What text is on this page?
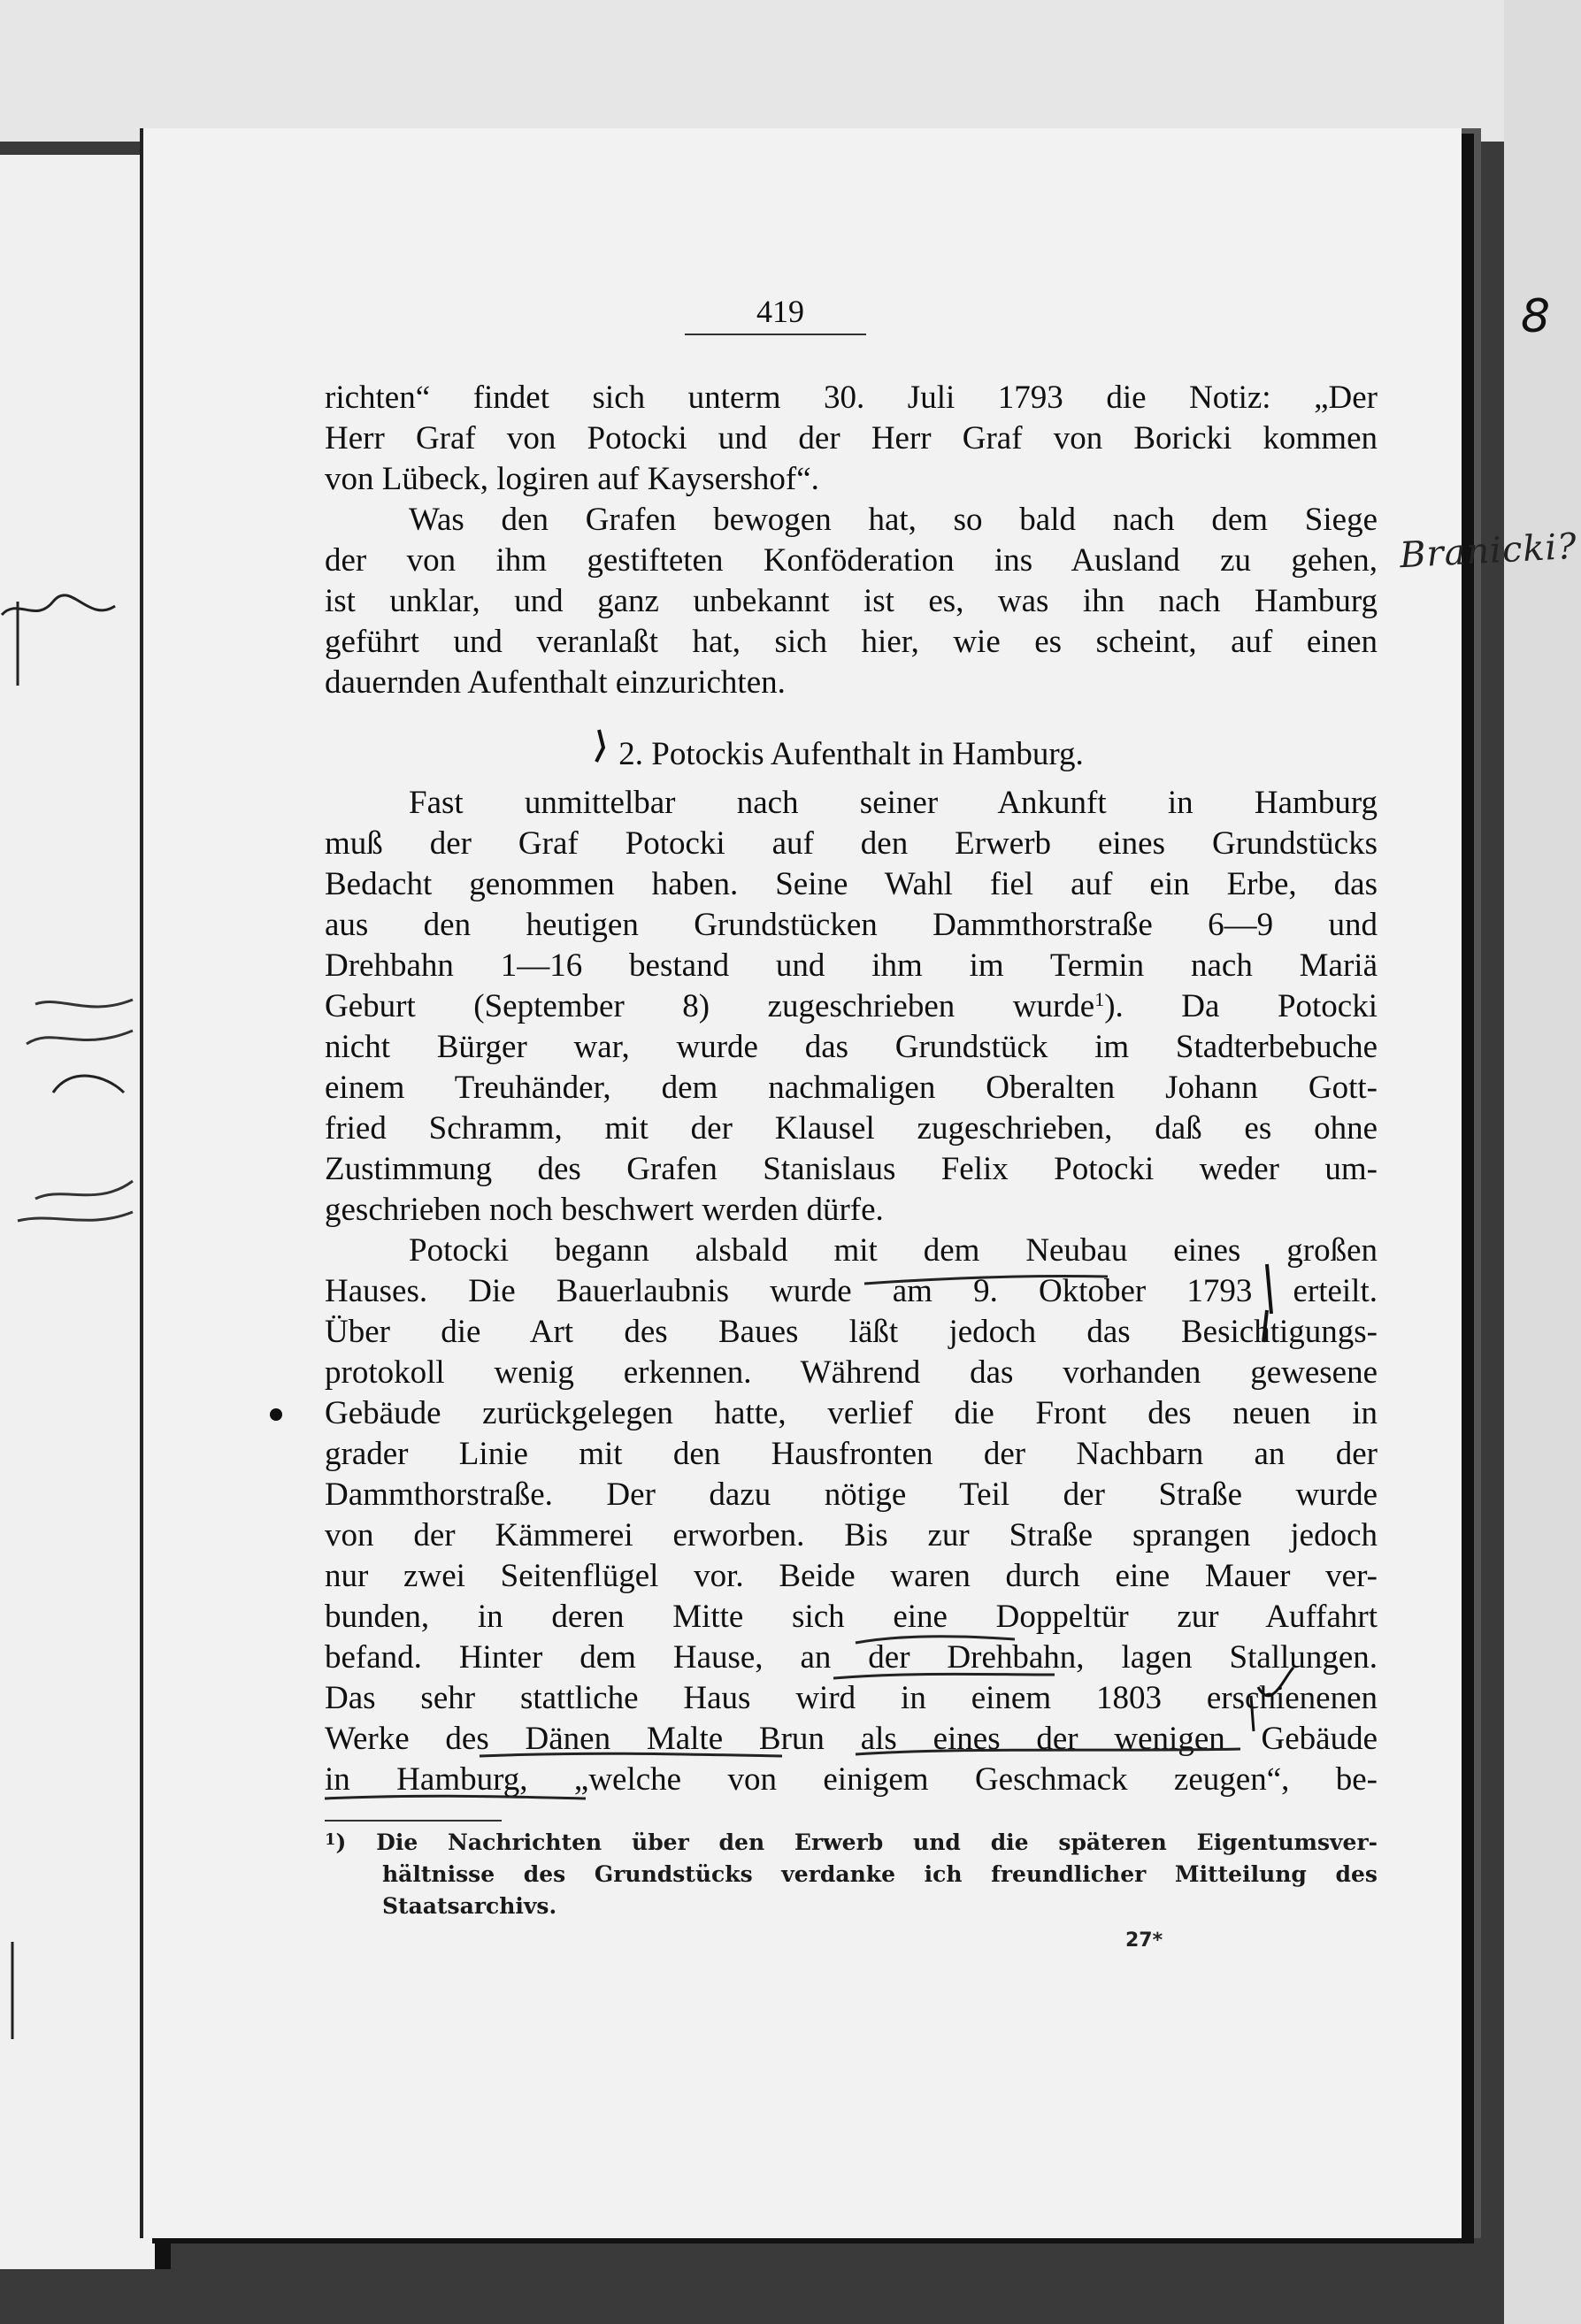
419
richten“ findet sich unterm 30. Juli 1793 die Notiz: „Der
Herr Graf von Potocki und der Herr Graf von Boricki kommen
von Lübeck, logiren auf Kaysershof“.
Was den Grafen bewogen hat, so bald nach dem Siege
der von ihm gestifteten Konföderation ins Ausland zu gehen,
ist unklar, und ganz unbekannt ist es, was ihn nach Hamburg
geführt und veranlaßt hat, sich hier, wie es scheint, auf einen
dauernden Aufenthalt einzurichten.
2. Potockis Aufenthalt in Hamburg.
Fast unmittelbar nach seiner Ankunft in Hamburg
muß der Graf Potocki auf den Erwerb eines Grundstücks
Bedacht genommen haben. Seine Wahl fiel auf ein Erbe, das
aus den heutigen Grundstücken Dammthorstraße 6—9 und
Drehbahn 1—16 bestand und ihm im Termin nach Mariä
Geburt (September 8) zugeschrieben wurde$^1$). Da Potocki
nicht Bürger war, wurde das Grundstück im Stadterbebuche
einem Treuhänder, dem nachmaligen Oberalten Johann Gott-
fried Schramm, mit der Klausel zugeschrieben, daß es ohne
Zustimmung des Grafen Stanislaus Felix Potocki weder um-
geschrieben noch beschwert werden dürfe.
Potocki begann alsbald mit dem Neubau eines großen
Hauses. Die Bauerlaubnis wurde am 9. Oktober 1793 erteilt.
Über die Art des Baues läßt jedoch das Besichtigungs-
protokoll wenig erkennen. Während das vorhanden gewesene
Gebäude zurückgelegen hatte, verlief die Front des neuen in
grader Linie mit den Hausfronten der Nachbarn an der
Dammthorstraße. Der dazu nötige Teil der Straße wurde
von der Kämmerei erworben. Bis zur Straße sprangen jedoch
nur zwei Seitenflügel vor. Beide waren durch eine Mauer ver-
bunden, in deren Mitte sich eine Doppeltür zur Auffahrt
befand. Hinter dem Hause, an der Drehbahn, lagen Stallungen.
Das sehr stattliche Haus wird in einem 1803 erschienenen
Werke des Dänen Malte Brun als eines der wenigen Gebäude
in Hamburg, „welche von einigem Geschmack zeugen“, be-
$^1$) Die Nachrichten über den Erwerb und die späteren Eigentumsver-
hältnisse des Grundstücks verdanke ich freundlicher Mitteilung des
Staatsarchivs.
27*
8
Branicki?
